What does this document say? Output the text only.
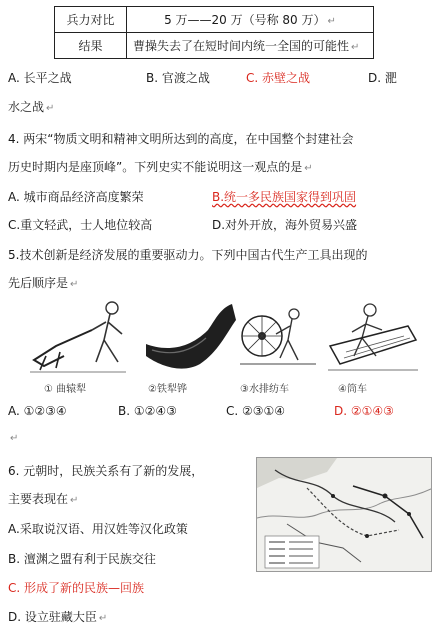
兵力对比	5 万——20 万（号称 80 万） ↵
结果	曹操失去了在短时间内统一全国的可能性 ↵
A. 长平之战	B. 官渡之战	C. 赤壁之战	D. 淝
水之战 ↵
4. 两宋“物质文明和精神文明所达到的高度，在中国整个封建社会
历史时期内是座顶峰”。下列史实不能说明这一观点的是 ↵
A. 城市商品经济高度繁荣	B.统一多民族国家得到巩固
C.重文轻武，士人地位较高	D.对外开放，海外贸易兴盛
5.技术创新是经济发展的重要驱动力。下列中国古代生产工具出现的
先后顺序是 ↵
① 曲辕犁	②铁犁铧	③水排纺车	④筒车
A. ①②③④	B. ①②④③	C. ②③①④	D. ②①④③
↵
6. 元朝时，民族关系有了新的发展，
主要表现在 ↵
A.采取说汉语、用汉姓等汉化政策
B. 澶渊之盟有利于民族交往
C. 形成了新的民族—回族
D. 设立驻藏大臣 ↵
